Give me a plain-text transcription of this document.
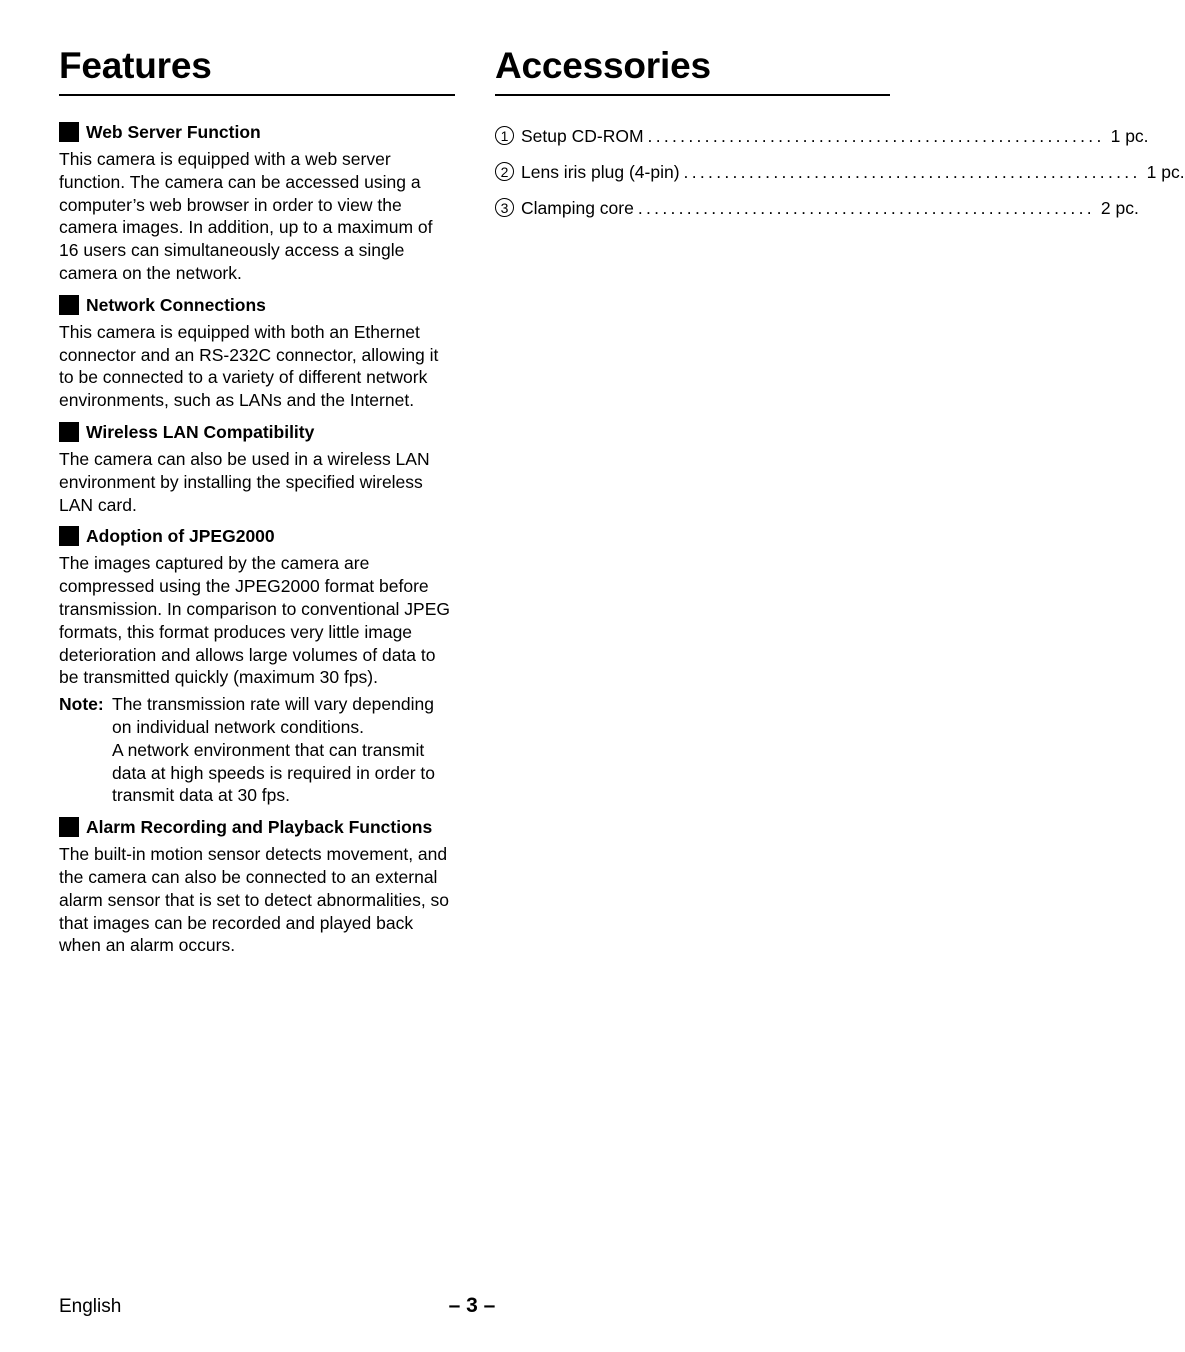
Features
Web Server Function

This camera is equipped with a web server function. The camera can be accessed using a computer’s web browser in order to view the camera images. In addition, up to a maximum of 16 users can simultaneously access a single camera on the network.

Network Connections

This camera is equipped with both an Ethernet connector and an RS-232C connector, allowing it to be connected to a variety of different network environments, such as LANs and the Internet.

Wireless LAN Compatibility

The camera can also be used in a wireless LAN environment by installing the specified wireless LAN card.

Adoption of JPEG2000

The images captured by the camera are compressed using the JPEG2000 format before transmission. In comparison to conventional JPEG formats, this format produces very little image deterioration and allows large volumes of data to be transmitted quickly (maximum 30 fps).

Note: The transmission rate will vary depending on individual network conditions.

A network environment that can transmit data at high speeds is required in order to transmit data at 30 fps.

Alarm Recording and Playback Functions

The built-in motion sensor detects movement, and the camera can also be connected to an external alarm sensor that is set to detect abnormalities, so that images can be recorded and played back when an alarm occurs.

Accessories
1 Setup CD-ROM ........................................................ 1 pc.
2 Lens iris plug (4-pin) ........................................................ 1 pc.
3 Clamping core ........................................................ 2 pc.
English	– 3 –
